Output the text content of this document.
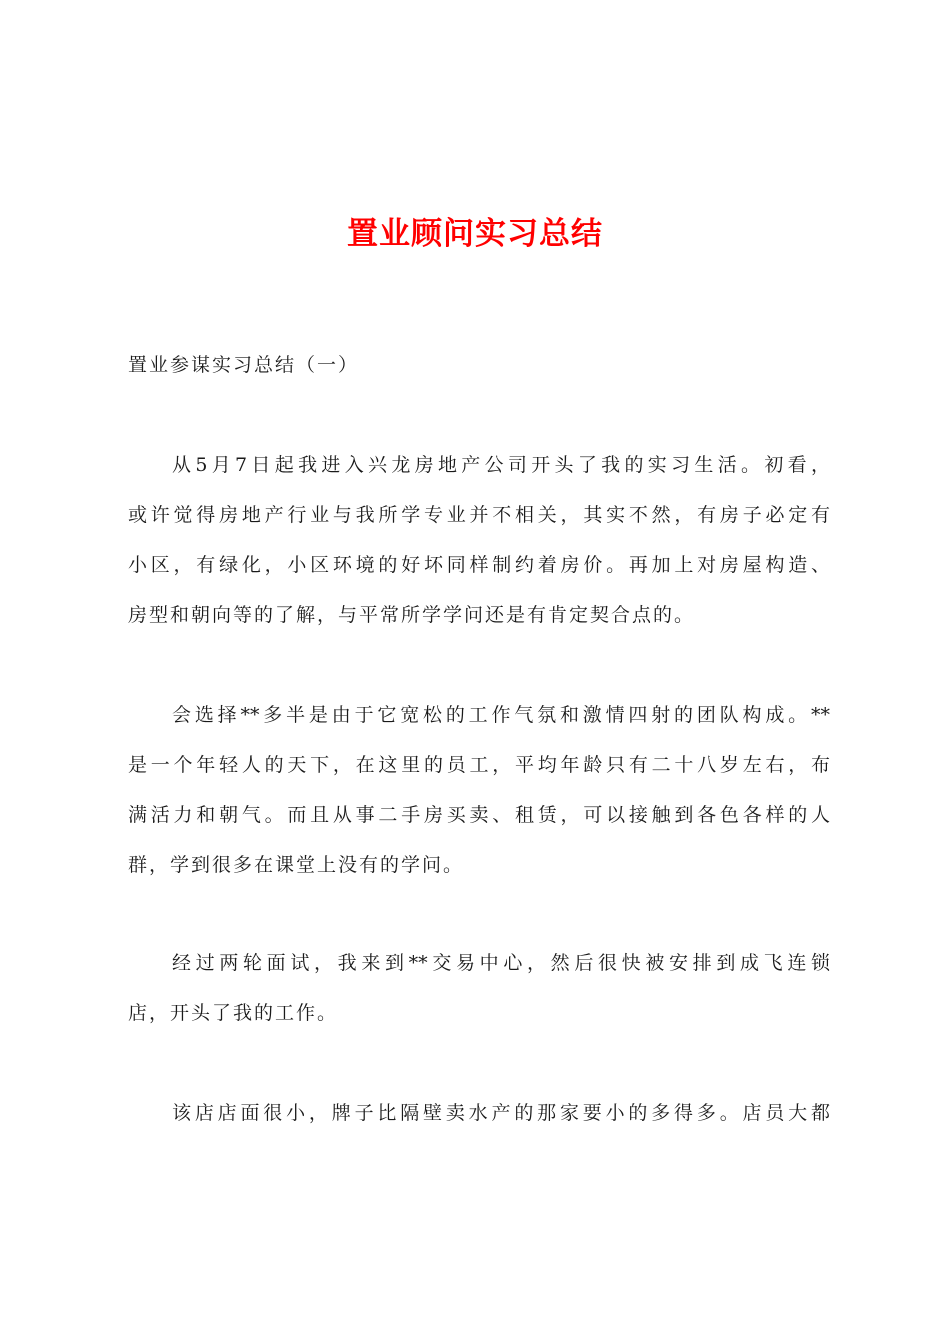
置业顾问实习总结

置业参谋实习总结（一）

从5月7日起我进入兴龙房地产公司开头了我的实习生活。初看，
或许觉得房地产行业与我所学专业并不相关，其实不然，有房子必定有
小区，有绿化，小区环境的好坏同样制约着房价。再加上对房屋构造、
房型和朝向等的了解，与平常所学学问还是有肯定契合点的。
会选择**多半是由于它宽松的工作气氛和激情四射的团队构成。**
是一个年轻人的天下，在这里的员工，平均年龄只有二十八岁左右，布
满活力和朝气。而且从事二手房买卖、租赁，可以接触到各色各样的人
群，学到很多在课堂上没有的学问。
经过两轮面试，我来到**交易中心，然后很快被安排到成飞连锁
店，开头了我的工作。
该店店面很小，牌子比隔壁卖水产的那家要小的多得多。店员大都
